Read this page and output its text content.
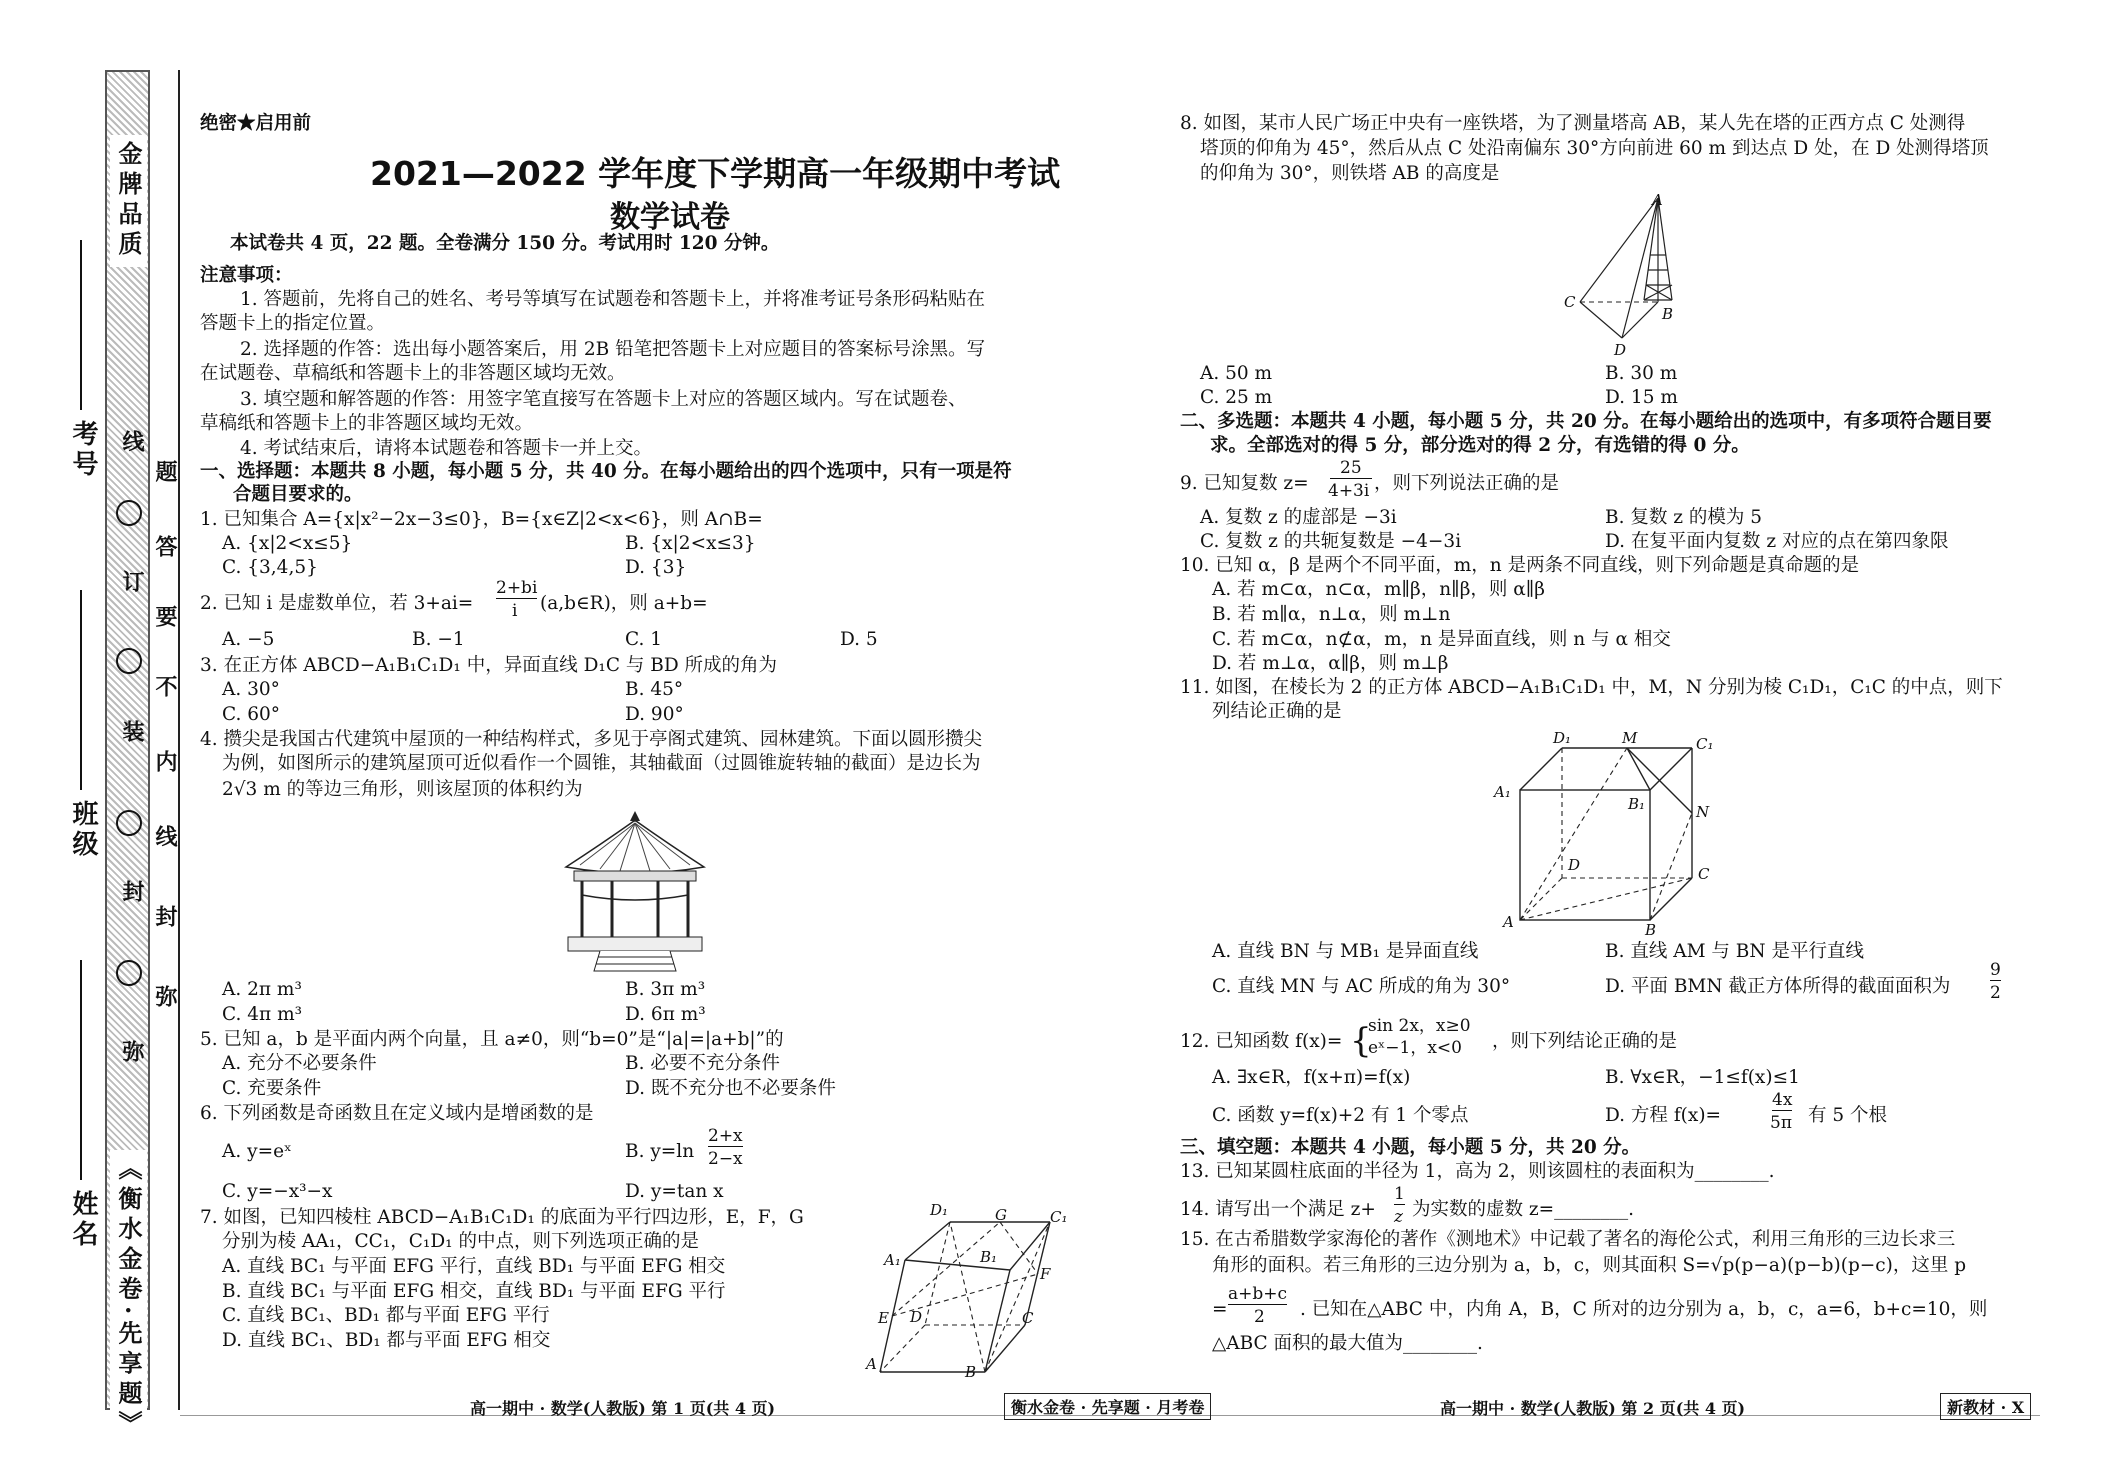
《衡水金卷·先享题》
金牌品质
考号
班级
姓名
线
订
装
封
弥
题
答
要
不
内
线
封
弥
绝密★启用前
2021—2022 学年度下学期高一年级期中考试
数学试卷
本试卷共 4 页，22 题。全卷满分 150 分。考试用时 120 分钟。
注意事项：
1. 答题前，先将自己的姓名、考号等填写在试题卷和答题卡上，并将准考证号条形码粘贴在
答题卡上的指定位置。
2. 选择题的作答：选出每小题答案后，用 2B 铅笔把答题卡上对应题目的答案标号涂黑。写
在试题卷、草稿纸和答题卡上的非答题区域均无效。
3. 填空题和解答题的作答：用签字笔直接写在答题卡上对应的答题区域内。写在试题卷、
草稿纸和答题卡上的非答题区域均无效。
4. 考试结束后，请将本试题卷和答题卡一并上交。
一、选择题：本题共 8 小题，每小题 5 分，共 40 分。在每小题给出的四个选项中，只有一项是符
合题目要求的。
1. 已知集合 A={x|x²−2x−3≤0}，B={x∈Z|2<x<6}，则 A∩B=
A. {x|2<x≤5}	B. {x|2<x≤3}
C. {3,4,5}	D. {3}
2. 已知 i 是虚数单位，若 3+ai=
2+bi
i (a,b∈R)，则 a+b=
A. −5	B. −1	C. 1	D. 5
3. 在正方体 ABCD−A₁B₁C₁D₁ 中，异面直线 D₁C 与 BD 所成的角为
A. 30°	B. 45°
C. 60°	D. 90°
4. 攒尖是我国古代建筑中屋顶的一种结构样式，多见于亭阁式建筑、园林建筑。下面以圆形攒尖
为例，如图所示的建筑屋顶可近似看作一个圆锥，其轴截面（过圆锥旋转轴的截面）是边长为
2√3 m 的等边三角形，则该屋顶的体积约为
A. 2π m³	B. 3π m³
C. 4π m³	D. 6π m³
5. 已知 a，b 是平面内两个向量，且 a≠0，则“b=0”是“|a|=|a+b|”的
A. 充分不必要条件	B. 必要不充分条件
C. 充要条件	D. 既不充分也不必要条件
6. 下列函数是奇函数且在定义域内是增函数的是
A. y=eˣ	B. y=ln
2+x
2−x
C. y=−x³−x	D. y=tan x
7. 如图，已知四棱柱 ABCD−A₁B₁C₁D₁ 的底面为平行四边形，E，F，G
分别为棱 AA₁，CC₁，C₁D₁ 的中点，则下列选项正确的是
A. 直线 BC₁ 与平面 EFG 平行，直线 BD₁ 与平面 EFG 相交
B. 直线 BC₁ 与平面 EFG 相交，直线 BD₁ 与平面 EFG 平行
C. 直线 BC₁、BD₁ 都与平面 EFG 平行
D. 直线 BC₁、BD₁ 都与平面 EFG 相交
D₁	G	C₁
A₁	B₁
F
E D	C
A	B
8. 如图，某市人民广场正中央有一座铁塔，为了测量塔高 AB，某人先在塔的正西方点 C 处测得
塔顶的仰角为 45°，然后从点 C 处沿南偏东 30°方向前进 60 m 到达点 D 处，在 D 处测得塔顶
的仰角为 30°，则铁塔 AB 的高度是
A
C
B
D
A. 50 m	B. 30 m
C. 25 m	D. 15 m
二、多选题：本题共 4 小题，每小题 5 分，共 20 分。在每小题给出的选项中，有多项符合题目要
求。全部选对的得 5 分，部分选对的得 2 分，有选错的得 0 分。
9. 已知复数 z=
25
4+3i ，则下列说法正确的是
A. 复数 z 的虚部是 −3i	B. 复数 z 的模为 5
C. 复数 z 的共轭复数是 −4−3i	D. 在复平面内复数 z 对应的点在第四象限
10. 已知 α，β 是两个不同平面，m，n 是两条不同直线，则下列命题是真命题的是
A. 若 m⊂α，n⊂α，m∥β，n∥β，则 α∥β
B. 若 m∥α，n⊥α，则 m⊥n
C. 若 m⊂α，n⊄α，m，n 是异面直线，则 n 与 α 相交
D. 若 m⊥α，α∥β，则 m⊥β
11. 如图，在棱长为 2 的正方体 ABCD−A₁B₁C₁D₁ 中，M，N 分别为棱 C₁D₁，C₁C 的中点，则下
列结论正确的是
D₁	M	C₁
A₁
B₁	N
D	C
A	B
A. 直线 BN 与 MB₁ 是异面直线	B. 直线 AM 与 BN 是平行直线
C. 直线 MN 与 AC 所成的角为 30°	D. 平面 BMN 截正方体所得的截面面积为
9
2
12. 已知函数 f(x)= {
sin 2x，x≥0
eˣ−1，x<0 ，则下列结论正确的是
A. ∃x∈R，f(x+π)=f(x)	B. ∀x∈R，−1≤f(x)≤1
C. 函数 y=f(x)+2 有 1 个零点	D. 方程 f(x)=
4x
5π 有 5 个根
三、填空题：本题共 4 小题，每小题 5 分，共 20 分。
13. 已知某圆柱底面的半径为 1，高为 2，则该圆柱的表面积为________.
14. 请写出一个满足 z+
1
z 为实数的虚数 z=________.
15. 在古希腊数学家海伦的著作《测地术》中记载了著名的海伦公式，利用三角形的三边长求三
角形的面积。若三角形的三边分别为 a，b，c，则其面积 S=√p(p−a)(p−b)(p−c)，这里 p
=
a+b+c
2 . 已知在△ABC 中，内角 A，B，C 所对的边分别为 a，b，c，a=6，b+c=10，则
△ABC 面积的最大值为________.
高一期中 · 数学(人教版) 第 1 页(共 4 页)	衡水金卷 · 先享题 · 月考卷	高一期中 · 数学(人教版) 第 2 页(共 4 页)	新教材 · X
